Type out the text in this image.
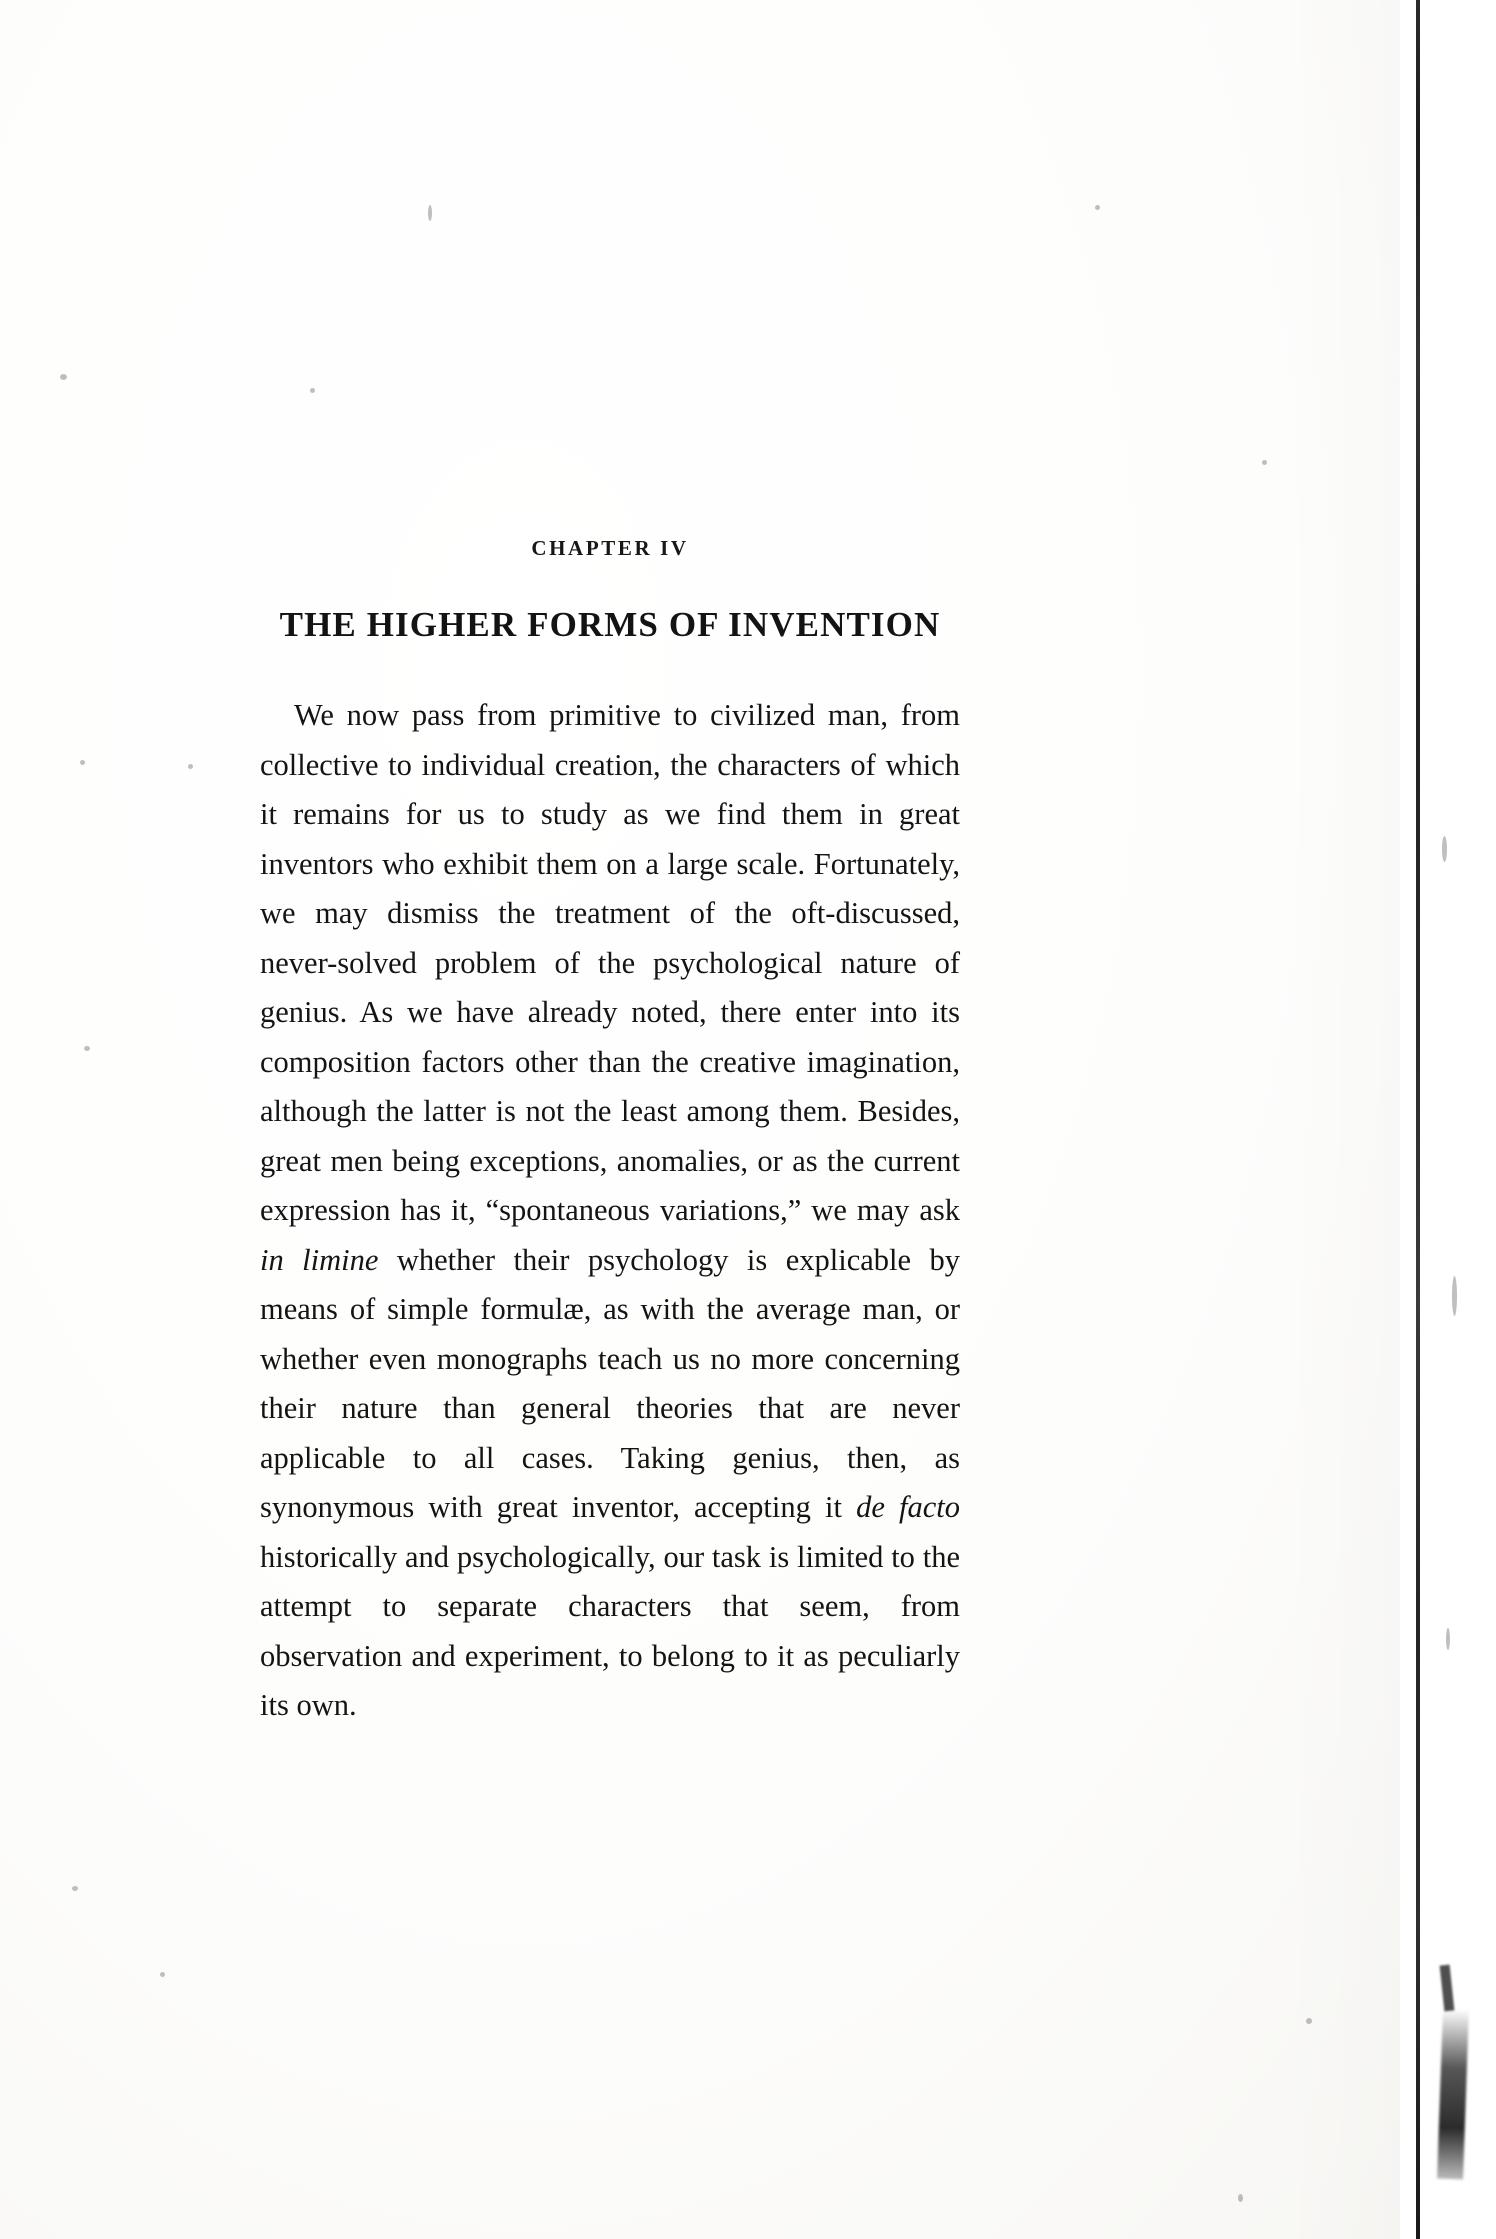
CHAPTER IV
THE HIGHER FORMS OF INVENTION

We now pass from primitive to civilized man, from collective to individual creation, the characters of which it remains for us to study as we find them in great inventors who exhibit them on a large scale. Fortunately, we may dismiss the treatment of the oft-discussed, never-solved problem of the psychological nature of genius. As we have already noted, there enter into its composition factors other than the creative imagination, although the latter is not the least among them. Besides, great men being exceptions, anomalies, or as the current expression has it, “spontaneous variations,” we may ask in limine whether their psychology is explicable by means of simple formulæ, as with the average man, or whether even monographs teach us no more concerning their nature than general theories that are never applicable to all cases. Taking genius, then, as synonymous with great inventor, accepting it de facto historically and psychologically, our task is limited to the attempt to separate characters that seem, from observation and experiment, to belong to it as peculiarly its own.
